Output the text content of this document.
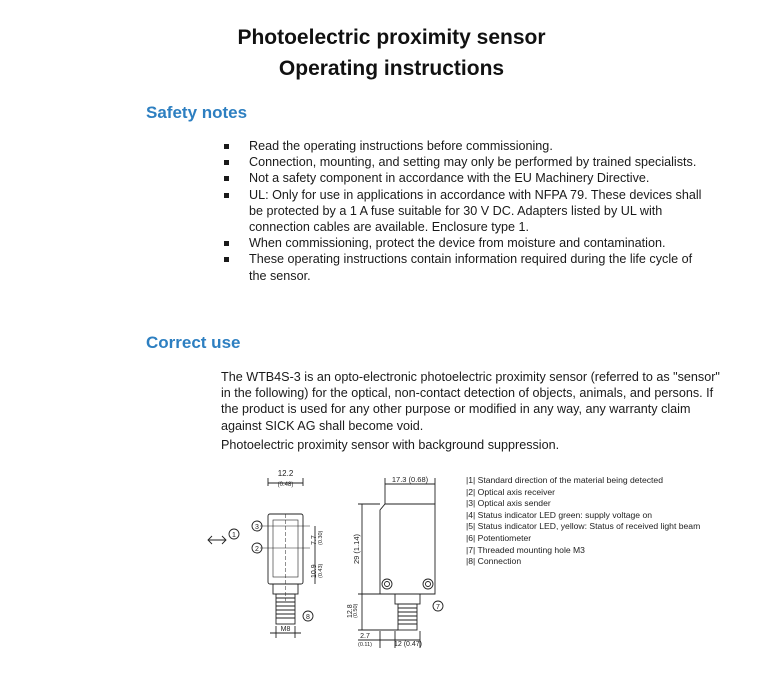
Photoelectric proximity sensor
Operating instructions
Safety notes
Read the operating instructions before commissioning.
Connection, mounting, and setting may only be performed by trained specialists.
Not a safety component in accordance with the EU Machinery Directive.
UL: Only for use in applications in accordance with NFPA 79. These devices shall be protected by a 1 A fuse suitable for 30 V DC. Adapters listed by UL with connection cables are available. Enclosure type 1.
When commissioning, protect the device from moisture and contamination.
These operating instructions contain information required during the life cycle of the sensor.
Correct use

The WTB4S-3 is an opto-electronic photoelectric proximity sensor (referred to as "sensor" in the following) for the optical, non-contact detection of objects, animals, and persons. If the product is used for any other purpose or modified in any way, any warranty claim against SICK AG shall become void.

Photoelectric proximity sensor with background suppression.

12.2
(0.48)
1
3
2
8
M8
7.7 (0.30)
10.9 (0.43)
17.3 (0.68)
29 (1.14)
12.8 (0.50)
2.7
(0.11)	12 (0.47)
7
|1| Standard direction of the material being detected
|2| Optical axis receiver
|3| Optical axis sender
|4| Status indicator LED green: supply voltage on
|5| Status indicator LED, yellow: Status of received light beam
|6| Potentiometer
|7| Threaded mounting hole M3
|8| Connection
